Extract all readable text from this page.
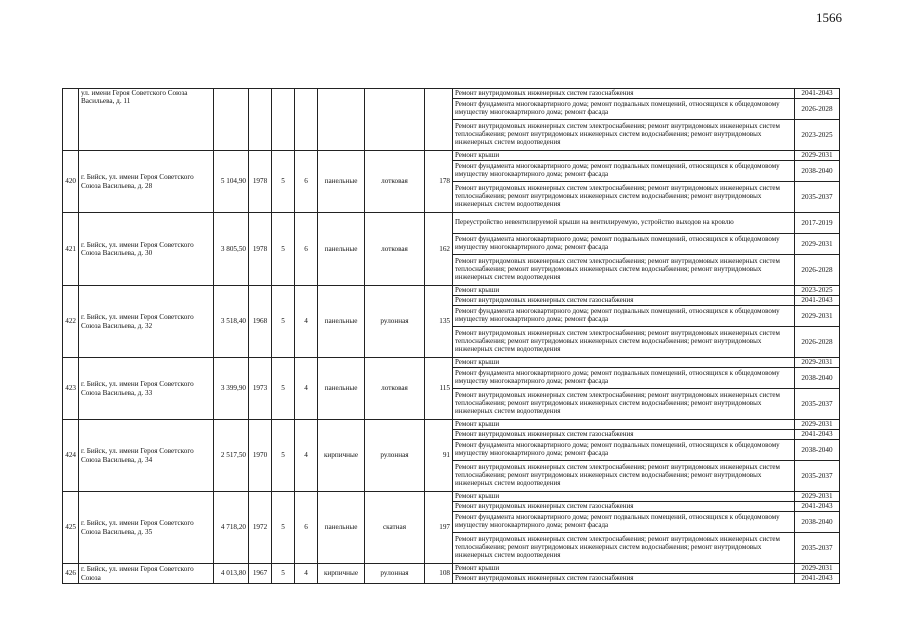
1566
	ул. имени Героя Советского Союза Васильева, д. 11								Ремонт внутридомовых инженерных систем газоснабжения	2041-2043
									Ремонт фундамента многоквартирного дома; ремонт подвальных помещений, относящихся к общедомовому имуществу многоквартирного дома; ремонт фасада	2026-2028
									Ремонт внутридомовых инженерных систем электроснабжения; ремонт внутридомовых инженерных систем теплоснабжения; ремонт внутридомовых инженерных систем водоснабжения; ремонт внутридомовых инженерных систем водоотведения	2023-2025
420	г. Бийск, ул. имени Героя Советского Союза Васильева, д. 28	5 104,90	1978	5	6	панельные	лотковая	178	Ремонт крыши	2029-2031
									Ремонт фундамента многоквартирного дома; ремонт подвальных помещений, относящихся к общедомовому имуществу многоквартирного дома; ремонт фасада	2038-2040
									Ремонт внутридомовых инженерных систем электроснабжения; ремонт внутридомовых инженерных систем теплоснабжения; ремонт внутридомовых инженерных систем водоснабжения; ремонт внутридомовых инженерных систем водоотведения	2035-2037
421	г. Бийск, ул. имени Героя Советского Союза Васильева, д. 30	3 805,50	1978	5	6	панельные	лотковая	162	Переустройство невентилируемой крыши на вентилируемую, устройство выходов на кровлю	2017-2019
									Ремонт фундамента многоквартирного дома; ремонт подвальных помещений, относящихся к общедомовому имуществу многоквартирного дома; ремонт фасада	2029-2031
									Ремонт внутридомовых инженерных систем электроснабжения; ремонт внутридомовых инженерных систем теплоснабжения; ремонт внутридомовых инженерных систем водоснабжения; ремонт внутридомовых инженерных систем водоотведения	2026-2028
422	г. Бийск, ул. имени Героя Советского Союза Васильева, д. 32	3 518,40	1968	5	4	панельные	рулонная	135	Ремонт крыши	2023-2025
									Ремонт внутридомовых инженерных систем газоснабжения	2041-2043
									Ремонт фундамента многоквартирного дома; ремонт подвальных помещений, относящихся к общедомовому имуществу многоквартирного дома; ремонт фасада	2029-2031
									Ремонт внутридомовых инженерных систем электроснабжения; ремонт внутридомовых инженерных систем теплоснабжения; ремонт внутридомовых инженерных систем водоснабжения; ремонт внутридомовых инженерных систем водоотведения	2026-2028
423	г. Бийск, ул. имени Героя Советского Союза Васильева, д. 33	3 399,90	1973	5	4	панельные	лотковая	115	Ремонт крыши	2029-2031
									Ремонт фундамента многоквартирного дома; ремонт подвальных помещений, относящихся к общедомовому имуществу многоквартирного дома; ремонт фасада	2038-2040
									Ремонт внутридомовых инженерных систем электроснабжения; ремонт внутридомовых инженерных систем теплоснабжения; ремонт внутридомовых инженерных систем водоснабжения; ремонт внутридомовых инженерных систем водоотведения	2035-2037
424	г. Бийск, ул. имени Героя Советского Союза Васильева, д. 34	2 517,50	1970	5	4	кирпичные	рулонная	91	Ремонт крыши	2029-2031
									Ремонт внутридомовых инженерных систем газоснабжения	2041-2043
									Ремонт фундамента многоквартирного дома; ремонт подвальных помещений, относящихся к общедомовому имуществу многоквартирного дома; ремонт фасада	2038-2040
									Ремонт внутридомовых инженерных систем электроснабжения; ремонт внутридомовых инженерных систем теплоснабжения; ремонт внутридомовых инженерных систем водоснабжения; ремонт внутридомовых инженерных систем водоотведения	2035-2037
425	г. Бийск, ул. имени Героя Советского Союза Васильева, д. 35	4 718,20	1972	5	6	панельные	скатная	197	Ремонт крыши	2029-2031
									Ремонт внутридомовых инженерных систем газоснабжения	2041-2043
									Ремонт фундамента многоквартирного дома; ремонт подвальных помещений, относящихся к общедомовому имуществу многоквартирного дома; ремонт фасада	2038-2040
									Ремонт внутридомовых инженерных систем электроснабжения; ремонт внутридомовых инженерных систем теплоснабжения; ремонт внутридомовых инженерных систем водоснабжения; ремонт внутридомовых инженерных систем водоотведения	2035-2037
426	г. Бийск, ул. имени Героя Советского Союза	4 013,80	1967	5	4	кирпичные	рулонная	108	Ремонт крыши	2029-2031
									Ремонт внутридомовых инженерных систем газоснабжения	2041-2043
